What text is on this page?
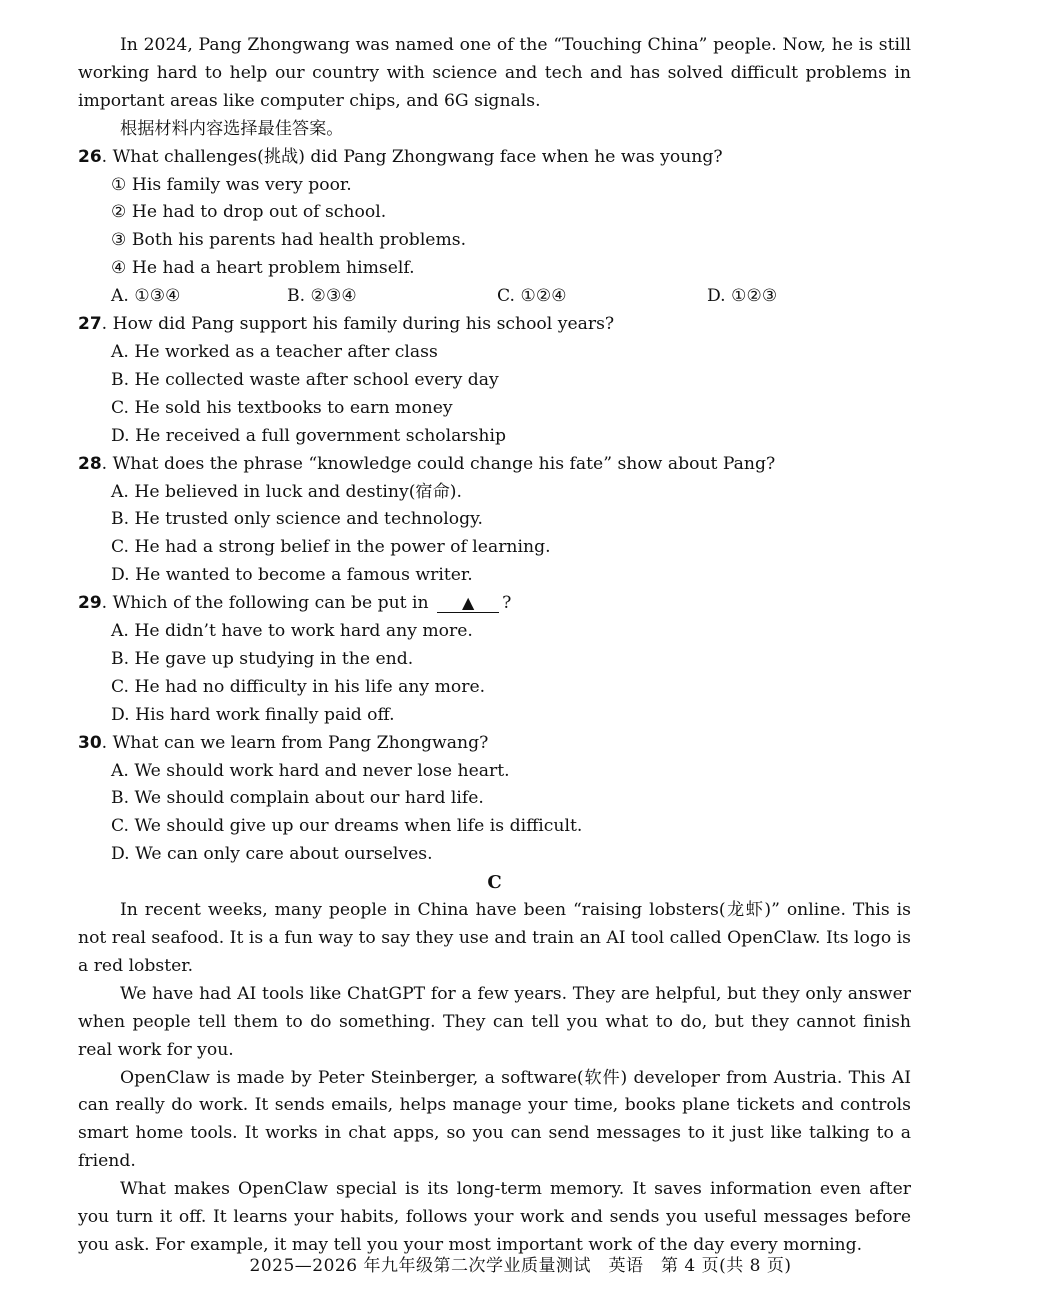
In 2024, Pang Zhongwang was named one of the “Touching China” people. Now, he is still working hard to help our country with science and tech and has solved difficult problems in important areas like computer chips, and 6G signals.
根据材料内容选择最佳答案。
26. What challenges(挑战) did Pang Zhongwang face when he was young?
① His family was very poor.
② He had to drop out of school.
③ Both his parents had health problems.
④ He had a heart problem himself.
A. ①③④	B. ②③④	C. ①②④	D. ①②③
27. How did Pang support his family during his school years?
A. He worked as a teacher after class
B. He collected waste after school every day
C. He sold his textbooks to earn money
D. He received a full government scholarship
28. What does the phrase “knowledge could change his fate” show about Pang?
A. He believed in luck and destiny(宿命).
B. He trusted only science and technology.
C. He had a strong belief in the power of learning.
D. He wanted to become a famous writer.
29. Which of the following can be put in ▲ ?
A. He didn’t have to work hard any more.
B. He gave up studying in the end.
C. He had no difficulty in his life any more.
D. His hard work finally paid off.
30. What can we learn from Pang Zhongwang?
A. We should work hard and never lose heart.
B. We should complain about our hard life.
C. We should give up our dreams when life is difficult.
D. We can only care about ourselves.
C
In recent weeks, many people in China have been “raising lobsters(龙虾)” online. This is not real seafood. It is a fun way to say they use and train an AI tool called OpenClaw. Its logo is a red lobster.
We have had AI tools like ChatGPT for a few years. They are helpful, but they only answer when people tell them to do something. They can tell you what to do, but they cannot finish real work for you.
OpenClaw is made by Peter Steinberger, a software(软件) developer from Austria. This AI can really do work. It sends emails, helps manage your time, books plane tickets and controls smart home tools. It works in chat apps, so you can send messages to it just like talking to a friend.
What makes OpenClaw special is its long-term memory. It saves information even after you turn it off. It learns your habits, follows your work and sends you useful messages before you ask. For example, it may tell you your most important work of the day every morning.
2025—2026 年九年级第二次学业质量测试　英语　第 4 页(共 8 页)
